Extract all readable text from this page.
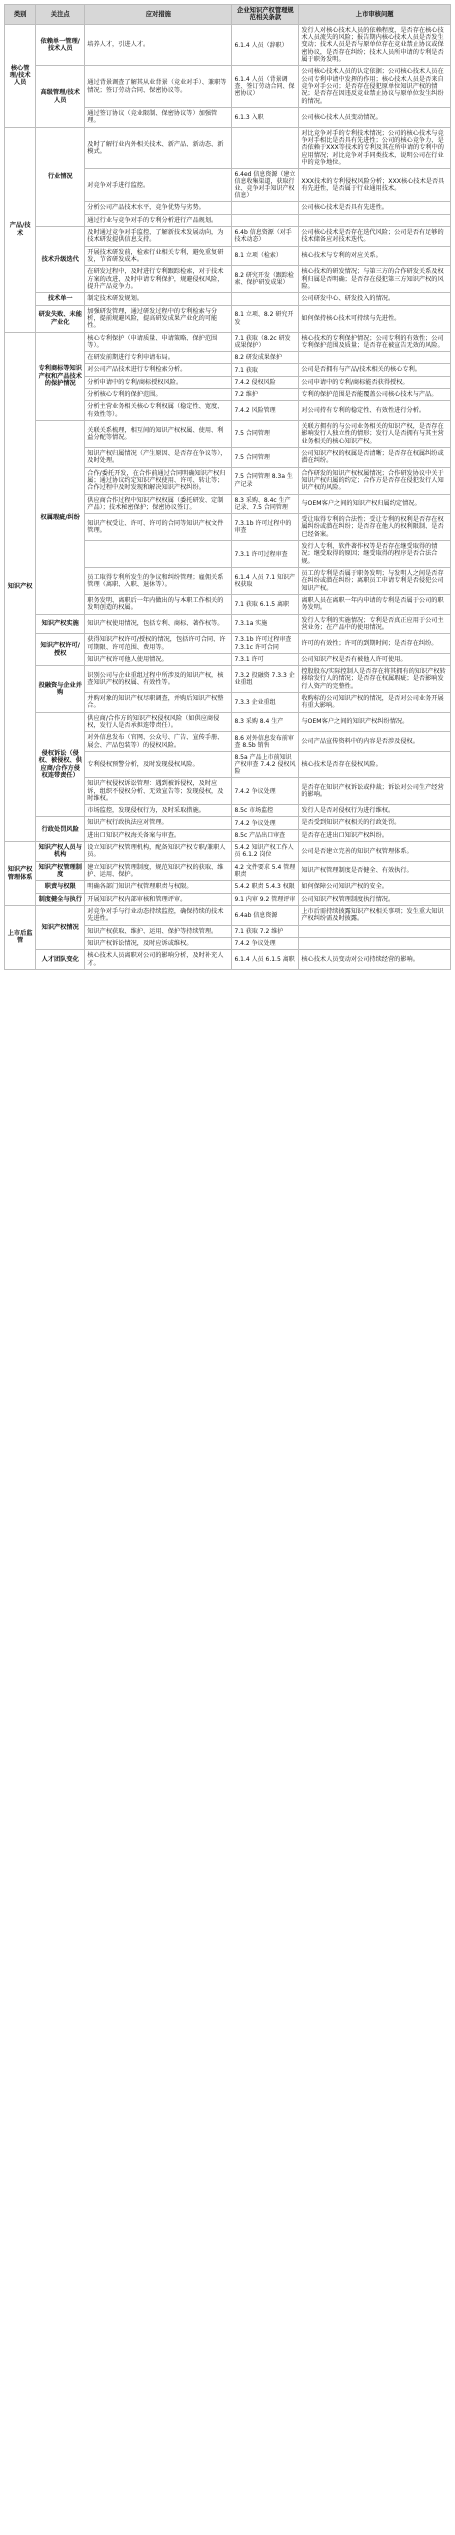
类别	关注点	应对措施	企业知识产权管理规范相关条款	上市审核问题
核心管理/技术人员	依赖单一管理/技术人员	培养人才，引进人才。	6.1.4 人员（辞职）	发行人对核心技术人员的依赖程度，是否存在核心技术人员流失的风险；报告期内核心技术人员是否发生变动；技术人员是否与原单位存在竞业禁止协议或保密协议，是否存在纠纷；技术人员所申请的专利是否属于职务发明。
	高级管理/技术人员	通过背景调查了解其从业背景（竞业对手）、兼职等情况；签订劳动合同、保密协议等。	6.1.4 人员（背景调查、签订劳动合同、保密协议）	公司核心技术人员的认定依据；公司核心技术人员在公司专利申请中发挥的作用；核心技术人员是否来自竞争对手公司；是否存在侵犯原单位知识产权的情况；是否存在因违反竞业禁止协议与原单位发生纠纷的情况。
		通过签订协议（竞业限制、保密协议等）加强管理。	6.1.3 入职	公司核心技术人员变动情况。
产品/技术	行业情况	及时了解行业内外相关技术、新产品、新动态、新模式。		对比竞争对手的专利技术情况；公司的核心技术与竞争对手相比是否具有先进性；公司的核心竞争力，是否依赖于XXX等技术的专利及其在所申请的专利中的应用情况；对比竞争对手同类技术，说明公司在行业中的竞争地位。
		对竞争对手进行监控。	6.4ed 信息资源（建立信息收集渠道，获取行业、竞争对手知识产权信息）	XXX技术的专利侵权风险分析；XXX核心技术是否具有先进性，是否属于行业通用技术。
		分析公司产品技术水平，竞争优势与劣势。		公司核心技术是否具有先进性。
		通过行业与竞争对手的专利分析进行产品规划。		
	技术升级迭代	及时通过竞争对手监控，了解新技术发展动向，为技术研发提供信息支持。	6.4b 信息资源（对手技术动态）	公司核心技术是否存在迭代风险；公司是否有足够的技术储备应对技术迭代。
		开展技术研发前，检索行业相关专利，避免重复研发，节省研发成本。	8.1 立项（检索）	核心技术与专利的对应关系。
		在研发过程中，及时进行专利跟踪检索，对于技术方案的改进，及时申请专利保护，规避侵权风险，提升产品竞争力。	8.2 研究开发（跟踪检索、保护研发成果）	核心技术的研发情况；与第三方的合作研发关系及权利归属是否明确；是否存在侵犯第三方知识产权的风险。
	技术单一	制定技术研发规划。		公司研发中心、研发投入的情况。
	研发失败、未能产业化	加强研发管理，通过研发过程中的专利检索与分析，提前规避风险，提高研发成果产业化的可能性。	8.1 立项、8.2 研究开发	如何保持核心技术可持续与先进性。
知识产权	专利商标等知识产权和产品技术的保护情况	核心专利保护（申请质量、申请策略、保护范围等）。	7.1 获取（8.2c 研发成果保护）	核心技术的专利保护情况；公司专利的有效性；公司专利保护范围及质量；是否存在被宣告无效的风险。
		在研发前期进行专利申请布局。	8.2 研发成果保护	
		对公司产品技术进行专利检索分析。	7.1 获取	公司是否拥有与产品/技术相关的核心专利。
		分析申请中的专利/商标授权风险。	7.4.2 侵权风险	公司申请中的专利/商标能否获得授权。
		分析核心专利的保护范围。	7.2 维护	专利的保护范围是否能覆盖公司核心技术与产品。
		分析主营业务相关核心专利权属（稳定性、宽度、有效性等）。	7.4.2 风险管理	对公司持有专利的稳定性、有效性进行分析。
	权属瑕疵/纠纷	关联关系梳理，相互间的知识产权权属、使用、利益分配等情况。	7.5 合同管理	关联方拥有的与公司业务相关的知识产权，是否存在影响发行人独立性的情形；发行人是否拥有与其主营业务相关的核心知识产权。
		知识产权归属情况（产生原因、是否存在争议等），及时处理。	7.5 合同管理	公司知识产权的权属是否清晰；是否存在权属纠纷或潜在纠纷。
		合作/委托开发，在合作前通过合同明确知识产权归属；通过协议约定知识产权使用、许可、转让等；合作过程中及时发现和解决知识产权纠纷。	7.5 合同管理 8.3a 生产记录	合作研发的知识产权权属情况；合作研发协议中关于知识产权归属的约定；合作方是否存在侵犯发行人知识产权的风险。
		供应商合作过程中知识产权权属（委托研发、定制产品）；技术秘密保护；保密协议签订。	8.3 采购、8.4c 生产记录、7.5 合同管理	与OEM客户之间的知识产权归属约定情况。
		知识产权受让、许可、许可的合同等知识产权文件管理。	7.3.1b 许可过程中的审查	受让取得专利的合法性；受让专利的权利是否存在权属纠纷或潜在纠纷；是否存在他人的权利限制、是否已经备案。
			7.3.1 许可过程审查	发行人专利、软件著作权等是否存在继受取得的情况；继受取得的原因；继受取得的程序是否合法合规。
		员工取得专利所发生的争议和纠纷管理；雇佣关系管理（离职、入职、退休等）。	6.1.4 人员 7.1 知识产权获取	员工的专利是否属于职务发明；与发明人之间是否存在纠纷或潜在纠纷；离职员工申请专利是否侵犯公司知识产权。
		职务发明、离职后一年内做出的与本职工作相关的发明创造的权属。	7.1 获取 6.1.5 离职	离职人员在离职一年内申请的专利是否属于公司的职务发明。
	知识产权实施	知识产权使用情况，包括专利、商标、著作权等。	7.3.1a 实施	发行人专利的实施情况；专利是否真正应用于公司主营业务；在产品中的使用情况。
	知识产权许可/授权	获得知识产权许可/授权的情况，包括许可合同、许可期限、许可范围、费用等。	7.3.1b 许可过程审查 7.3.1c 许可合同	许可的有效性；许可的到期时间；是否存在纠纷。
		知识产权许可他人使用情况。	7.3.1 许可	公司知识产权是否有被他人许可使用。
	投融资与企业并购	识别公司与企业重组过程中所涉及的知识产权，核查知识产权的权属、有效性等。	7.3.2 投融资 7.3.3 企业重组	控股股东/实际控制人是否存在将其拥有的知识产权转移给发行人的情况；是否存在权属瑕疵；是否影响发行人资产的完整性。
		并购对象的知识产权尽职调查，并购后知识产权整合。	7.3.3 企业重组	收购标的公司知识产权的情况，是否对公司业务开展有重大影响。
	侵权诉讼（侵权、被侵权、供应商/合作方侵权连带责任）	供应商/合作方的知识产权侵权风险（如供应商侵权，发行人是否承担连带责任）。	8.3 采购 8.4 生产	与OEM客户之间的知识产权纠纷情况。
		对外信息发布（官网、公众号、广告、宣传手册、展会、产品包装等）的侵权风险。	8.6 对外信息发布前审查 8.5b 销售	公司产品宣传资料中的内容是否涉及侵权。
		专利侵权预警分析，及时发现侵权风险。	8.5a 产品上市前知识产权审查 7.4.2 侵权风险	核心技术是否存在侵权风险。
		知识产权侵权诉讼管理：遇到被诉侵权，及时应诉，组织不侵权分析、无效宣告等；发现侵权，及时维权。	7.4.2 争议处理	是否存在知识产权诉讼或仲裁；诉讼对公司生产经营的影响。
		市场监控，发现侵权行为，及时采取措施。	8.5c 市场监控	发行人是否对侵权行为进行维权。
	行政处罚风险	知识产权行政执法应对管理。	7.4.2 争议处理	是否受到知识产权相关的行政处罚。
		进出口知识产权海关备案与审查。	8.5c 产品出口审查	是否存在进出口知识产权纠纷。
知识产权管理体系	知识产权人员与机构	设立知识产权管理机构，配备知识产权专职/兼职人员。	5.4.2 知识产权工作人员 6.1.2 岗位	公司是否建立完善的知识产权管理体系。
	知识产权管理制度	建立知识产权管理制度，规范知识产权的获取、维护、运用、保护。	4.2 文件要求 5.4 管理职责	知识产权管理制度是否健全、有效执行。
	职责与权限	明确各部门知识产权管理职责与权限。	5.4.2 职责 5.4.3 权限	如何保障公司知识产权的安全。
	制度健全与执行	开展知识产权内部审核和管理评审。	9.1 内审 9.2 管理评审	公司知识产权管理制度执行情况。
上市后监管	知识产权情况	对竞争对手与行业动态持续监控，确保持续的技术先进性。	6.4ab 信息资源	上市后需持续披露知识产权相关事项；发生重大知识产权纠纷需及时披露。
		知识产权获取、维护、运用、保护等持续管理。	7.1 获取 7.2 维护	
		知识产权诉讼情况，及时应诉或维权。	7.4.2 争议处理	
	人才团队变化	核心技术人员离职对公司的影响分析，及时补充人才。	6.1.4 人员 6.1.5 离职	核心技术人员变动对公司持续经营的影响。
